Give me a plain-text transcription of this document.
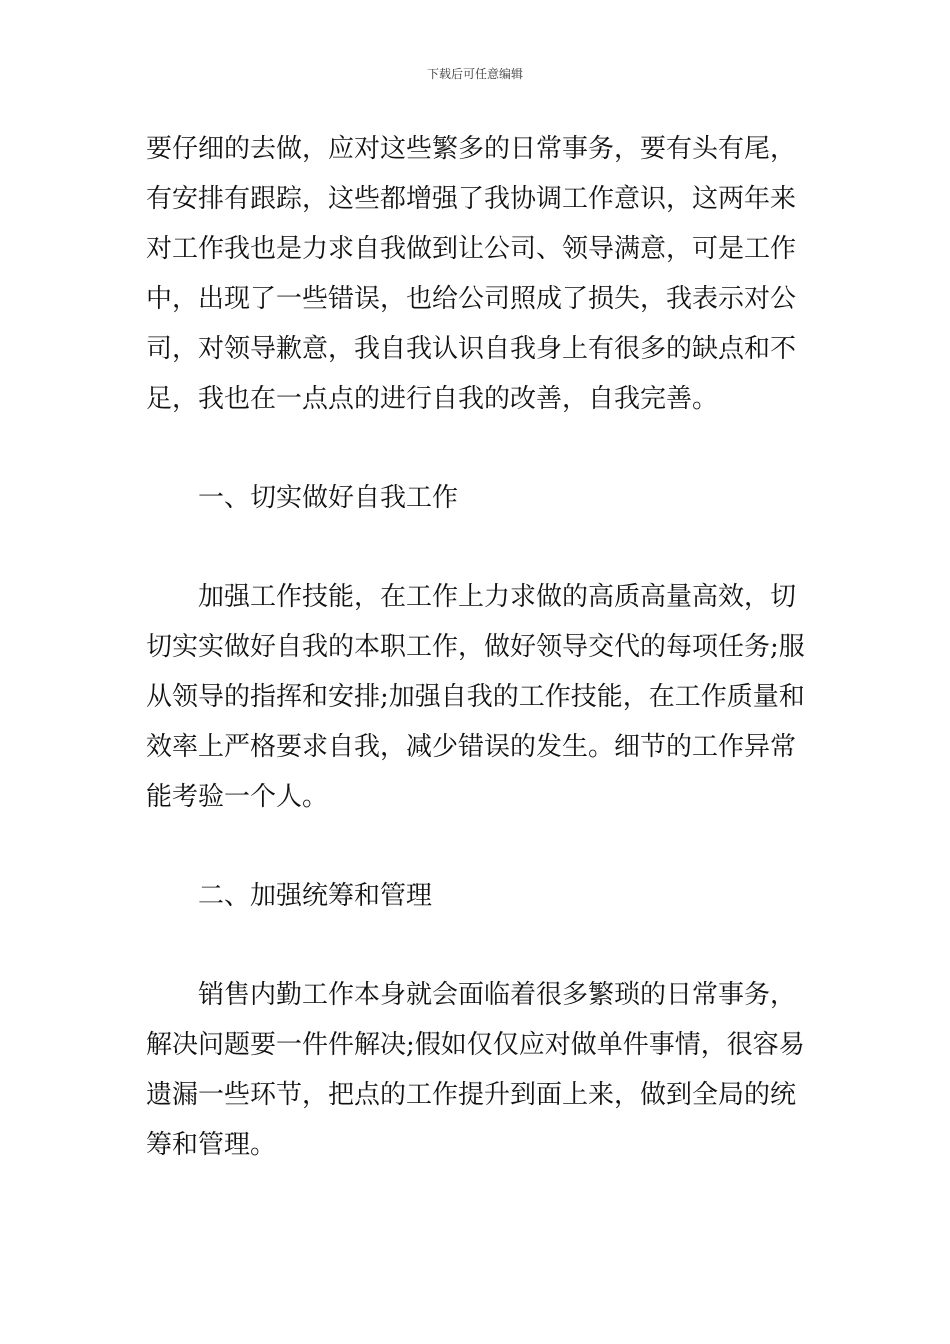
下载后可任意编辑
要仔细的去做，应对这些繁多的日常事务，要有头有尾，
有安排有跟踪，这些都增强了我协调工作意识，这两年来
对工作我也是力求自我做到让公司、领导满意，可是工作
中，出现了一些错误，也给公司照成了损失，我表示对公
司，对领导歉意，我自我认识自我身上有很多的缺点和不
足，我也在一点点的进行自我的改善，自我完善。

一、切实做好自我工作

加强工作技能，在工作上力求做的高质高量高效，切
切实实做好自我的本职工作，做好领导交代的每项任务;服
从领导的指挥和安排;加强自我的工作技能，在工作质量和
效率上严格要求自我，减少错误的发生。细节的工作异常
能考验一个人。

二、加强统筹和管理

销售内勤工作本身就会面临着很多繁琐的日常事务，
解决问题要一件件解决;假如仅仅应对做单件事情，很容易
遗漏一些环节，把点的工作提升到面上来，做到全局的统
筹和管理。
